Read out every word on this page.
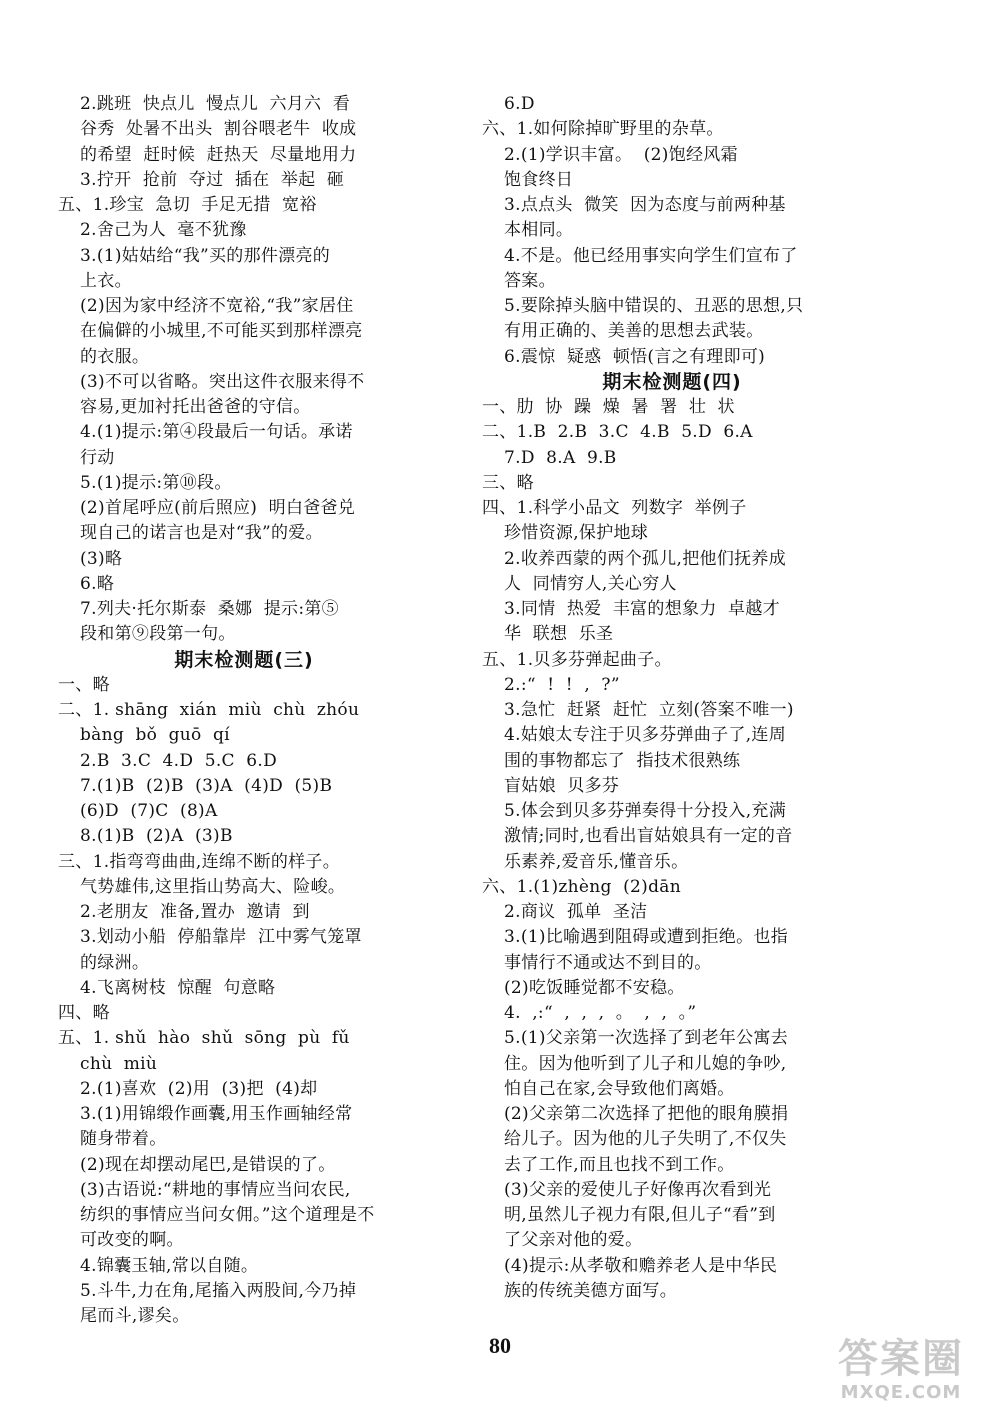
2.跳班  快点儿  慢点儿  六月六  看
谷秀  处暑不出头  割谷喂老牛  收成
的希望  赶时候  赶热天  尽量地用力
3.拧开  抢前  夺过  插在  举起  砸
五、1.珍宝  急切  手足无措  宽裕
2.舍己为人  毫不犹豫
3.(1)姑姑给“我”买的那件漂亮的
上衣。
(2)因为家中经济不宽裕,“我”家居住
在偏僻的小城里,不可能买到那样漂亮
的衣服。
(3)不可以省略。突出这件衣服来得不
容易,更加衬托出爸爸的守信。
4.(1)提示:第④段最后一句话。承诺
行动
5.(1)提示:第⑩段。
(2)首尾呼应(前后照应)  明白爸爸兑
现自己的诺言也是对“我”的爱。
(3)略
6.略
7.列夫·托尔斯泰  桑娜  提示:第⑤
段和第⑨段第一句。
期末检测题(三)
一、略
二、1. shāng  xián  miù  chù  zhóu
bàng  bǒ  guō  qí
2.B  3.C  4.D  5.C  6.D
7.(1)B  (2)B  (3)A  (4)D  (5)B
(6)D  (7)C  (8)A
8.(1)B  (2)A  (3)B
三、1.指弯弯曲曲,连绵不断的样子。
气势雄伟,这里指山势高大、险峻。
2.老朋友  准备,置办  邀请  到
3.划动小船  停船靠岸  江中雾气笼罩
的绿洲。
4.飞离树枝  惊醒  句意略
四、略
五、1. shǔ  hào  shǔ  sōng  pù  fǔ
chù  miù
2.(1)喜欢  (2)用  (3)把  (4)却
3.(1)用锦缎作画囊,用玉作画轴经常
随身带着。
(2)现在却摆动尾巴,是错误的了。
(3)古语说:“耕地的事情应当问农民,
纺织的事情应当问女佣。”这个道理是不
可改变的啊。
4.锦囊玉轴,常以自随。
5.斗牛,力在角,尾搐入两股间,今乃掉
尾而斗,谬矣。
6.D
六、1.如何除掉旷野里的杂草。
2.(1)学识丰富。  (2)饱经风霜
饱食终日
3.点点头  微笑  因为态度与前两种基
本相同。
4.不是。他已经用事实向学生们宣布了
答案。
5.要除掉头脑中错误的、丑恶的思想,只
有用正确的、美善的思想去武装。
6.震惊  疑惑  顿悟(言之有理即可)
期末检测题(四)
一、肋  协  躁  燥  暑  署  壮  状
二、1.B  2.B  3.C  4.B  5.D  6.A
7.D  8.A  9.B
三、略
四、1.科学小品文  列数字  举例子
珍惜资源,保护地球
2.收养西蒙的两个孤儿,把他们抚养成
人  同情穷人,关心穷人
3.同情  热爱  丰富的想象力  卓越才
华  联想  乐圣
五、1.贝多芬弹起曲子。
2.:“  !  !  ,  ?”
3.急忙  赶紧  赶忙  立刻(答案不唯一)
4.姑娘太专注于贝多芬弹曲子了,连周
围的事物都忘了  指技术很熟练
盲姑娘  贝多芬
5.体会到贝多芬弹奏得十分投入,充满
激情;同时,也看出盲姑娘具有一定的音
乐素养,爱音乐,懂音乐。
六、1.(1)zhèng  (2)dān
2.商议  孤单  圣洁
3.(1)比喻遇到阻碍或遭到拒绝。也指
事情行不通或达不到目的。
(2)吃饭睡觉都不安稳。
4.  ,:“  ,  ,  ,  。  ,  ,  。”
5.(1)父亲第一次选择了到老年公寓去
住。因为他听到了儿子和儿媳的争吵,
怕自己在家,会导致他们离婚。
(2)父亲第二次选择了把他的眼角膜捐
给儿子。因为他的儿子失明了,不仅失
去了工作,而且也找不到工作。
(3)父亲的爱使儿子好像再次看到光
明,虽然儿子视力有限,但儿子“看”到
了父亲对他的爱。
(4)提示:从孝敬和赡养老人是中华民
族的传统美德方面写。
80	答案圈
MXQE.COM
